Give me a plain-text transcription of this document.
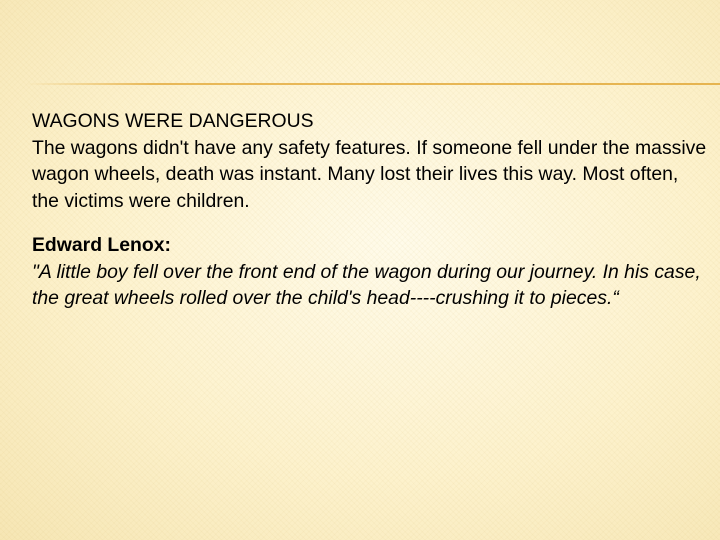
WAGONS WERE DANGEROUS

The wagons didn't have any safety features. If someone fell under the massive wagon wheels, death was instant. Many lost their lives this way. Most often, the victims were children.

Edward Lenox:

"A little boy fell over the front end of the wagon during our journey. In his case, the great wheels rolled over the child's head----crushing it to pieces.“
